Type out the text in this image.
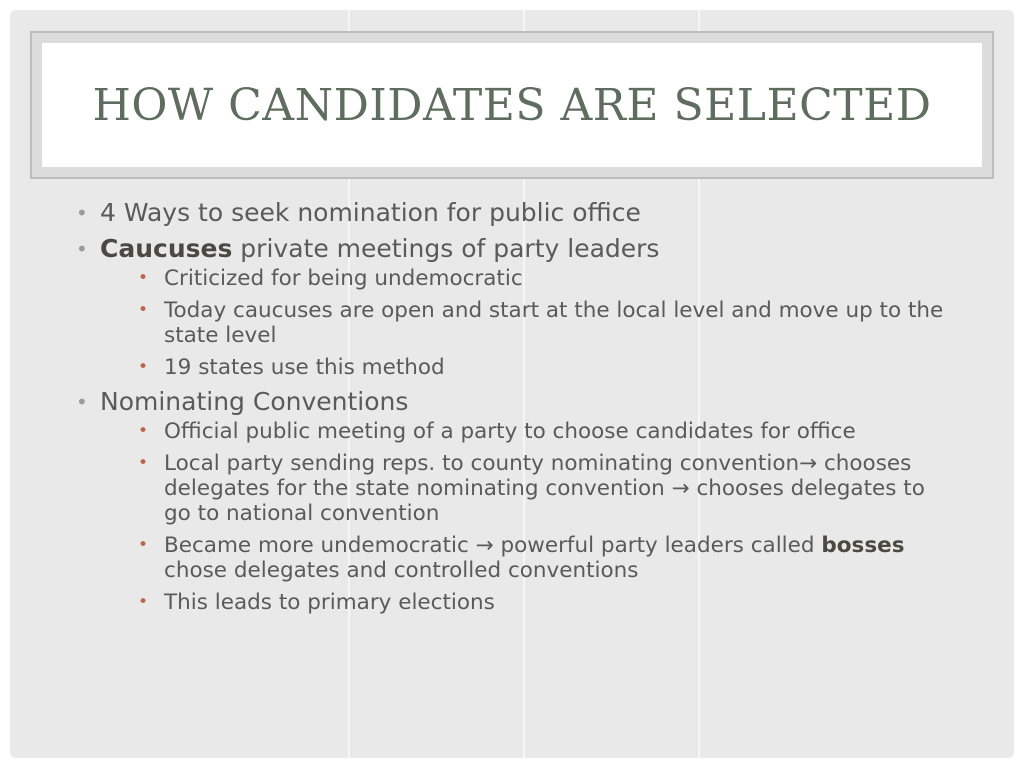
HOW CANDIDATES ARE SELECTED
• 4 Ways to seek nomination for public office
• Caucuses private meetings of party leaders
• Criticized for being undemocratic
• Today caucuses are open and start at the local level and move up to the state level
• 19 states use this method
• Nominating Conventions
• Official public meeting of a party to choose candidates for office
• Local party sending reps. to county nominating convention→ chooses delegates for the state nominating convention → chooses delegates to go to national convention
• Became more undemocratic → powerful party leaders called bosses chose delegates and controlled conventions
• This leads to primary elections
